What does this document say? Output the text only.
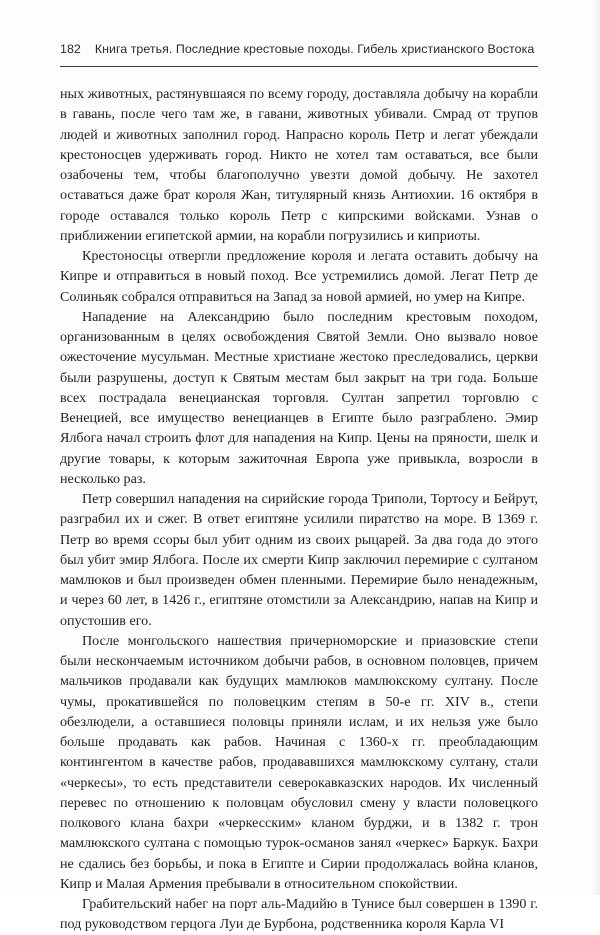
182 Книга третья. Последние крестовые походы. Гибель христианского Востока

ных животных, растянувшаяся по всему городу, доставляла добычу на корабли в гавань, после чего там же, в гавани, животных убивали. Смрад от трупов людей и животных заполнил город. Напрасно король Петр и легат убеждали крестоносцев удерживать город. Никто не хотел там оставаться, все были озабочены тем, чтобы благополучно увезти домой добычу. Не захотел оставаться даже брат короля Жан, титулярный князь Антиохии. 16 октября в городе оставался только король Петр с кипрскими войсками. Узнав о приближении египетской армии, на корабли погрузились и киприоты.

Крестоносцы отвергли предложение короля и легата оставить добычу на Кипре и отправиться в новый поход. Все устремились домой. Легат Петр де Солиньяк собрался отправиться на Запад за новой армией, но умер на Кипре.

Нападение на Александрию было последним крестовым походом, организованным в целях освобождения Святой Земли. Оно вызвало новое ожесточение мусульман. Местные христиане жестоко преследовались, церкви были разрушены, доступ к Святым местам был закрыт на три года. Больше всех пострадала венецианская торговля. Султан запретил торговлю с Венецией, все имущество венецианцев в Египте было разграблено. Эмир Ялбога начал строить флот для нападения на Кипр. Цены на пряности, шелк и другие товары, к которым зажиточная Европа уже привыкла, возросли в несколько раз.

Петр совершил нападения на сирийские города Триполи, Тортосу и Бейрут, разграбил их и сжег. В ответ египтяне усилили пиратство на море. В 1369 г. Петр во время ссоры был убит одним из своих рыцарей. За два года до этого был убит эмир Ялбога. После их смерти Кипр заключил перемирие с султаном мамлюков и был произведен обмен пленными. Перемирие было ненадежным, и через 60 лет, в 1426 г., египтяне отомстили за Александрию, напав на Кипр и опустошив его.

После монгольского нашествия причерноморские и приазовские степи были нескончаемым источником добычи рабов, в основном половцев, причем мальчиков продавали как будущих мамлюков мамлюкскому султану. После чумы, прокатившейся по половецким степям в 50-е гг. XIV в., степи обезлюдели, а оставшиеся половцы приняли ислам, и их нельзя уже было больше продавать как рабов. Начиная с 1360-х гг. преобладающим контингентом в качестве рабов, продававшихся мамлюкскому султану, стали «черкесы», то есть представители северокавказских народов. Их численный перевес по отношению к половцам обусловил смену у власти половецкого полкового клана бахри «черкесским» кланом бурджи, и в 1382 г. трон мамлюкского султана с помощью турок-османов занял «черкес» Баркук. Бахри не сдались без борьбы, и пока в Египте и Сирии продолжалась война кланов, Кипр и Малая Армения пребывали в относительном спокойствии.

Грабительский набег на порт аль-Мадийю в Тунисе был совершен в 1390 г. под руководством герцога Луи де Бурбона, родственника короля Карла VI
